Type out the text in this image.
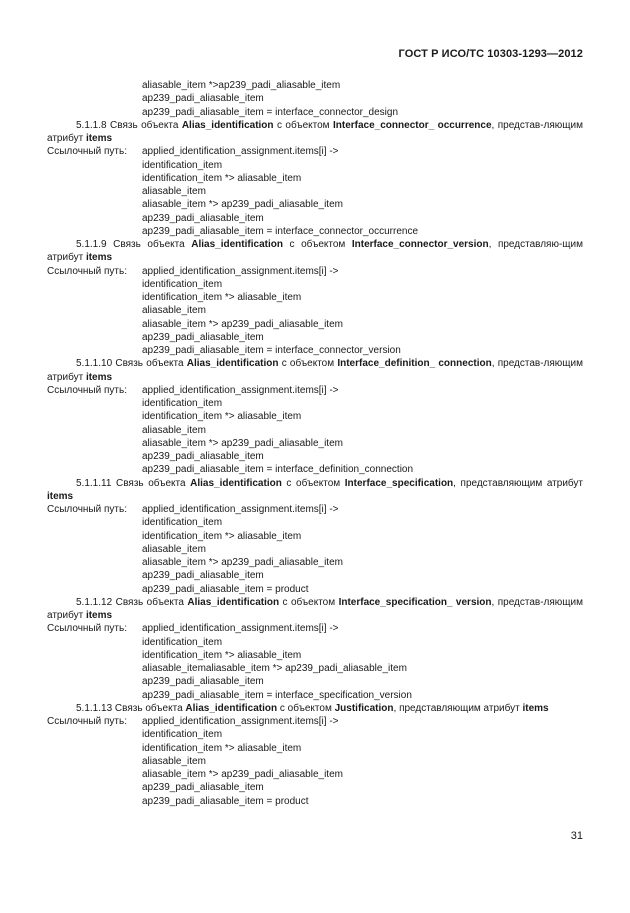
ГОСТ Р ИСО/ТС 10303-1293—2012
aliasable_item *>ap239_padi_aliasable_item
ap239_padi_aliasable_item
ap239_padi_aliasable_item = interface_connector_design
5.1.1.8 Связь объекта Alias_identification с объектом Interface_connector_ occurrence, представ-ляющим атрибут items
Ссылочный путь: applied_identification_assignment.items[i] ->
identification_item
identification_item *> aliasable_item
aliasable_item
aliasable_item *> ap239_padi_aliasable_item
ap239_padi_aliasable_item
ap239_padi_aliasable_item = interface_connector_occurrence
5.1.1.9 Связь объекта Alias_identification с объектом Interface_connector_version, представляю-щим атрибут items
Ссылочный путь: applied_identification_assignment.items[i] ->
identification_item
identification_item *> aliasable_item
aliasable_item
aliasable_item *> ap239_padi_aliasable_item
ap239_padi_aliasable_item
ap239_padi_aliasable_item = interface_connector_version
5.1.1.10 Связь объекта Alias_identification с объектом Interface_definition_ connection, представ-ляющим атрибут items
Ссылочный путь: applied_identification_assignment.items[i] ->
identification_item
identification_item *> aliasable_item
aliasable_item
aliasable_item *> ap239_padi_aliasable_item
ap239_padi_aliasable_item
ap239_padi_aliasable_item = interface_definition_connection
5.1.1.11 Связь объекта Alias_identification с объектом Interface_specification, представляющим атрибут items
Ссылочный путь: applied_identification_assignment.items[i] ->
identification_item
identification_item *> aliasable_item
aliasable_item
aliasable_item *> ap239_padi_aliasable_item
ap239_padi_aliasable_item
ap239_padi_aliasable_item = product
5.1.1.12 Связь объекта Alias_identification с объектом Interface_specification_ version, представ-ляющим атрибут items
Ссылочный путь: applied_identification_assignment.items[i] ->
identification_item
identification_item *> aliasable_item
aliasable_itemaliasable_item *> ap239_padi_aliasable_item
ap239_padi_aliasable_item
ap239_padi_aliasable_item = interface_specification_version
5.1.1.13 Связь объекта Alias_identification с объектом Justification, представляющим атрибут items
Ссылочный путь: applied_identification_assignment.items[i] ->
identification_item
identification_item *> aliasable_item
aliasable_item
aliasable_item *> ap239_padi_aliasable_item
ap239_padi_aliasable_item
ap239_padi_aliasable_item = product
31
